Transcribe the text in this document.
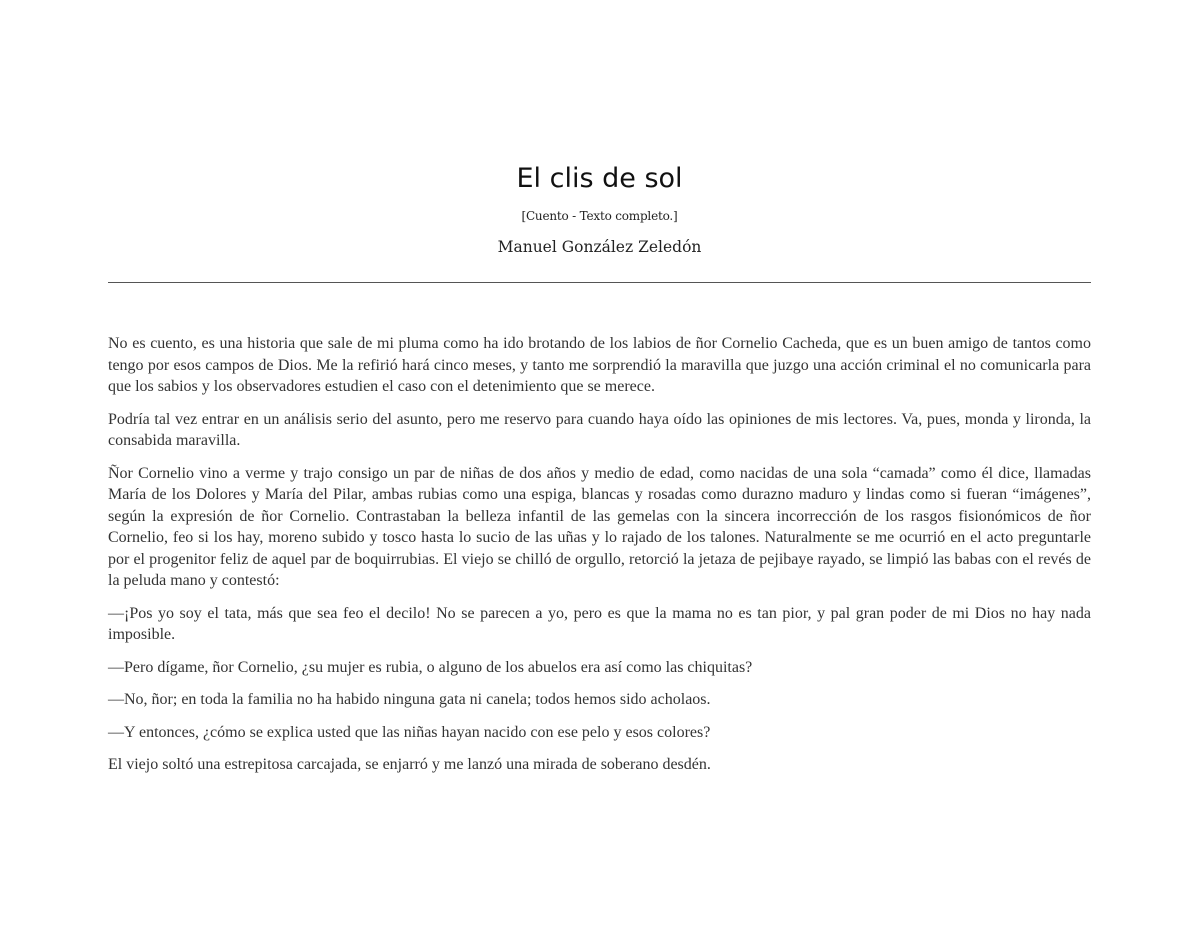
El clis de sol
[Cuento - Texto completo.]
Manuel González Zeledón

No es cuento, es una historia que sale de mi pluma como ha ido brotando de los labios de ñor Cornelio Cacheda, que es un buen amigo de tantos como tengo por esos campos de Dios. Me la refirió hará cinco meses, y tanto me sorprendió la maravilla que juzgo una acción criminal el no comunicarla para que los sabios y los observadores estudien el caso con el detenimiento que se merece.

Podría tal vez entrar en un análisis serio del asunto, pero me reservo para cuando haya oído las opiniones de mis lectores. Va, pues, monda y lironda, la consabida maravilla.

Ñor Cornelio vino a verme y trajo consigo un par de niñas de dos años y medio de edad, como nacidas de una sola “camada” como él dice, llamadas María de los Dolores y María del Pilar, ambas rubias como una espiga, blancas y rosadas como durazno maduro y lindas como si fueran “imágenes”, según la expresión de ñor Cornelio. Contrastaban la belleza infantil de las gemelas con la sincera incorrección de los rasgos fisionómicos de ñor Cornelio, feo si los hay, moreno subido y tosco hasta lo sucio de las uñas y lo rajado de los talones. Naturalmente se me ocurrió en el acto preguntarle por el progenitor feliz de aquel par de boquirrubias. El viejo se chilló de orgullo, retorció la jetaza de pejibaye rayado, se limpió las babas con el revés de la peluda mano y contestó:

—¡Pos yo soy el tata, más que sea feo el decilo! No se parecen a yo, pero es que la mama no es tan pior, y pal gran poder de mi Dios no hay nada imposible.

—Pero dígame, ñor Cornelio, ¿su mujer es rubia, o alguno de los abuelos era así como las chiquitas?

—No, ñor; en toda la familia no ha habido ninguna gata ni canela; todos hemos sido acholaos.

—Y entonces, ¿cómo se explica usted que las niñas hayan nacido con ese pelo y esos colores?

El viejo soltó una estrepitosa carcajada, se enjarró y me lanzó una mirada de soberano desdén.
